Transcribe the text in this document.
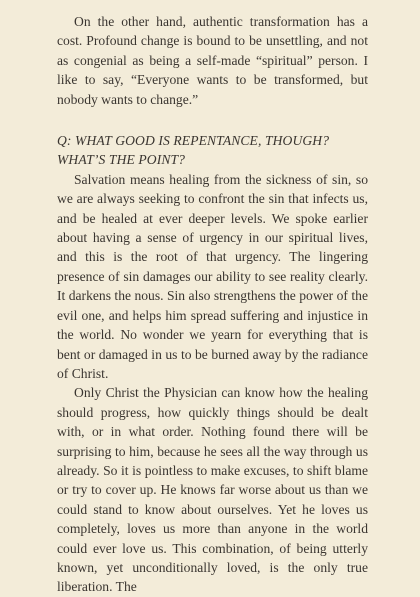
On the other hand, authentic transformation has a cost. Profound change is bound to be unsettling, and not as congenial as being a self-made “spiritual” person. I like to say, “Everyone wants to be transformed, but nobody wants to change.”

Q: WHAT GOOD IS REPENTANCE, THOUGH? WHAT’S THE POINT?

Salvation means healing from the sickness of sin, so we are always seeking to confront the sin that infects us, and be healed at ever deeper levels. We spoke earlier about having a sense of urgency in our spiritual lives, and this is the root of that urgency. The lingering presence of sin damages our ability to see reality clearly. It darkens the nous. Sin also strengthens the power of the evil one, and helps him spread suffering and injustice in the world. No wonder we yearn for everything that is bent or damaged in us to be burned away by the radiance of Christ.

Only Christ the Physician can know how the healing should progress, how quickly things should be dealt with, or in what order. Nothing found there will be surprising to him, because he sees all the way through us already. So it is pointless to make excuses, to shift blame or try to cover up. He knows far worse about us than we could stand to know about ourselves. Yet he loves us completely, loves us more than anyone in the world could ever love us. This combination, of being utterly known, yet unconditionally loved, is the only true liberation. The
